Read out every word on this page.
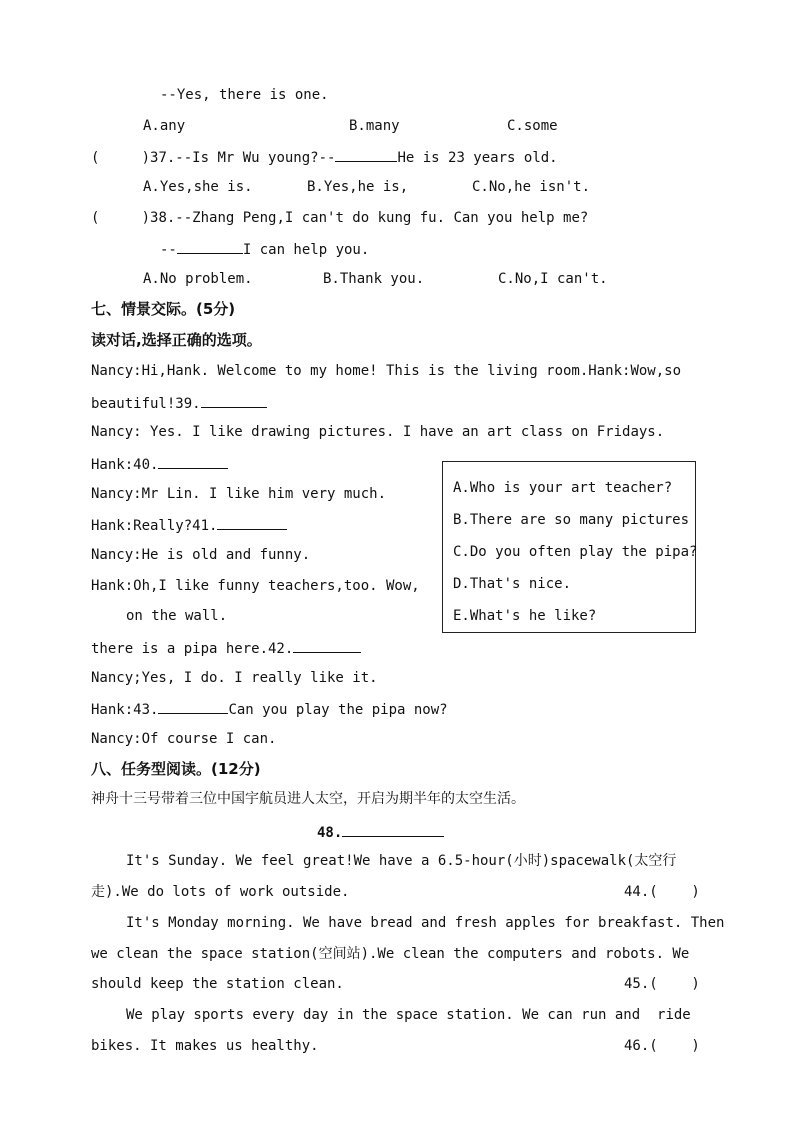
--Yes, there is one.
A.any	B.many	C.some
(     )37.--Is Mr Wu young?--	He is 23 years old.
A.Yes,she is.	B.Yes,he is,	C.No,he isn't.
(     )38.--Zhang Peng,I can't do kung fu. Can you help me?
--	I can help you.
A.No problem.	B.Thank you.	C.No,I can't.
七、情景交际。(5分)
读对话,选择正确的选项。
Nancy:Hi,Hank. Welcome to my home! This is the living room.Hank:Wow,so
beautiful!39.
Nancy: Yes. I like drawing pictures. I have an art class on Fridays.
Hank:40.
Nancy:Mr Lin. I like him very much.
Hank:Really?41.
Nancy:He is old and funny.
Hank:Oh,I like funny teachers,too. Wow,
on the wall.
there is a pipa here.42.
Nancy;Yes, I do. I really like it.
Hank:43.	Can you play the pipa now?
Nancy:Of course I can.
A.Who is your art teacher?
B.There are so many pictures
C.Do you often play the pipa?
D.That's nice.
E.What's he like?
八、任务型阅读。(12分)
神舟十三号带着三位中国宇航员进人太空，开启为期半年的太空生活。
48.
It's Sunday. We feel great!We have a 6.5-hour(小时)spacewalk(太空行
走).We do lots of work outside.	44.(    )
It's Monday morning. We have bread and fresh apples for breakfast. Then
we clean the space station(空间站).We clean the computers and robots. We
should keep the station clean.	45.(    )
We play sports every day in the space station. We can run and  ride
bikes. It makes us healthy.	46.(    )
